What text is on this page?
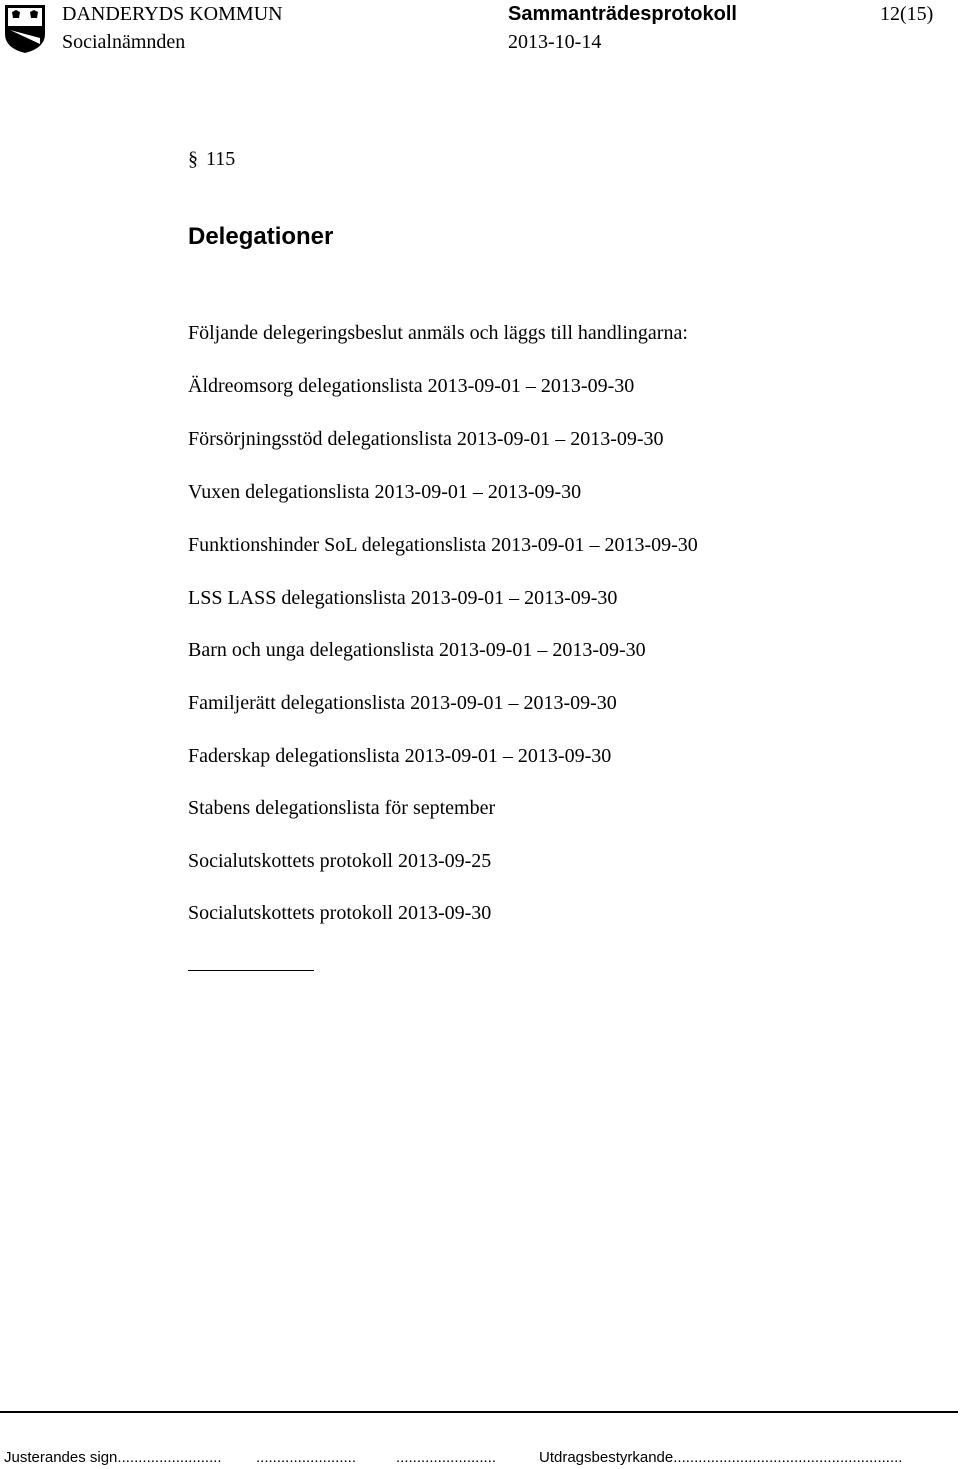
DANDERYDS KOMMUN
Socialnämnden
Sammanträdesprotokoll
2013-10-14
12(15)
§ 115
Delegationer
Följande delegeringsbeslut anmäls och läggs till handlingarna:
Äldreomsorg delegationslista 2013-09-01 – 2013-09-30
Försörjningsstöd delegationslista 2013-09-01 – 2013-09-30
Vuxen delegationslista 2013-09-01 – 2013-09-30
Funktionshinder SoL delegationslista 2013-09-01 – 2013-09-30
LSS LASS delegationslista 2013-09-01 – 2013-09-30
Barn och unga delegationslista 2013-09-01 – 2013-09-30
Familjerätt delegationslista 2013-09-01 – 2013-09-30
Faderskap delegationslista 2013-09-01 – 2013-09-30
Stabens delegationslista för september
Socialutskottets protokoll 2013-09-25
Socialutskottets protokoll 2013-09-30
Justerandes sign......................... ........................	........................	Utdragsbestyrkande.......................................................
